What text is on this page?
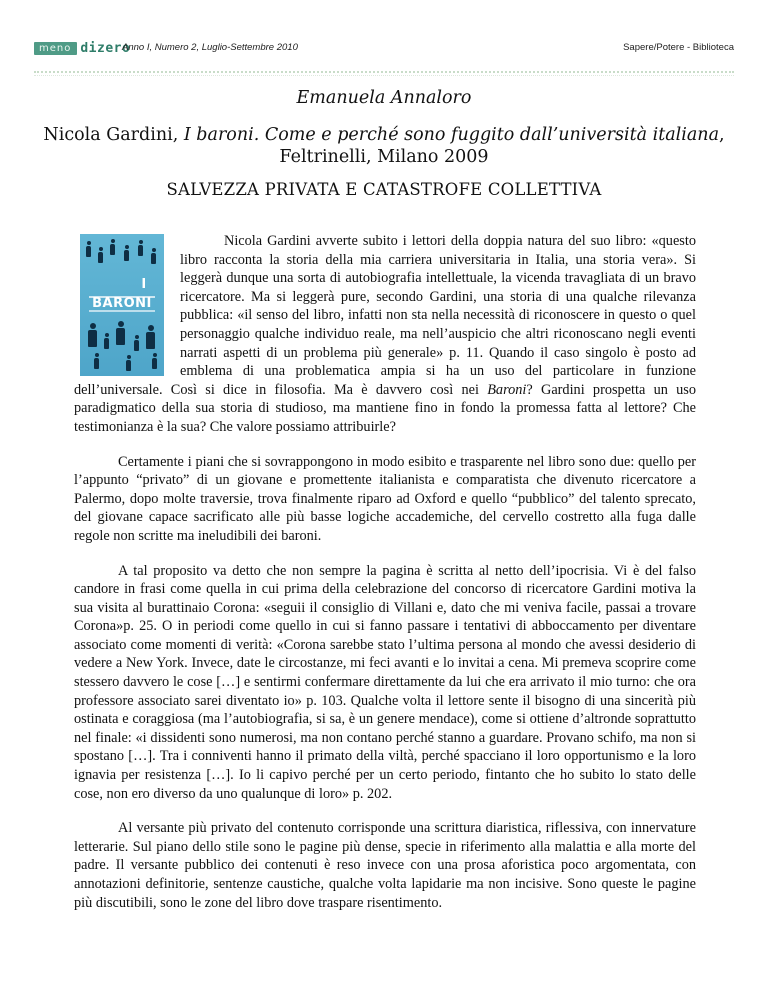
meno dizero
Anno I, Numero 2, Luglio-Settembre 2010	Sapere/Potere - Biblioteca
Emanuela Annaloro
Nicola Gardini, I baroni. Come e perché sono fuggito dall’università italiana,
Feltrinelli, Milano 2009
SALVEZZA PRIVATA E CATASTROFE COLLETTIVA

I BARONI
Nicola Gardini avverte subito i lettori della doppia natura del suo libro: «questo libro racconta la storia della mia carriera universitaria in Italia, una storia vera». Si leggerà dunque una sorta di autobiografia intellettuale, la vicenda travagliata di un bravo ricercatore. Ma si leggerà pure, secondo Gardini, una storia di una qualche rilevanza pubblica: «il senso del libro, infatti non sta nella necessità di riconoscere in questo o quel personaggio qualche individuo reale, ma nell’auspicio che altri riconoscano negli eventi narrati aspetti di un problema più generale» p. 11. Quando il caso singolo è posto ad emblema di una problematica ampia si ha un uso del particolare in funzione dell’universale. Così si dice in filosofia. Ma è davvero così nei Baroni? Gardini prospetta un uso paradigmatico della sua storia di studioso, ma mantiene fino in fondo la promessa fatta al lettore? Che testimonianza è la sua? Che valore possiamo attribuirle?

Certamente i piani che si sovrappongono in modo esibito e trasparente nel libro sono due: quello per l’appunto “privato” di un giovane e promettente italianista e comparatista che divenuto ricercatore a Palermo, dopo molte traversie, trova finalmente riparo ad Oxford e quello “pubblico” del talento sprecato, del giovane capace sacrificato alle più basse logiche accademiche, del cervello costretto alla fuga dalle regole non scritte ma ineludibili dei baroni.

A tal proposito va detto che non sempre la pagina è scritta al netto dell’ipocrisia. Vi è del falso candore in frasi come quella in cui prima della celebrazione del concorso di ricercatore Gardini motiva la sua visita al burattinaio Corona: «seguii il consiglio di Villani e, dato che mi veniva facile, passai a trovare Corona»p. 25. O in periodi come quello in cui si fanno passare i tentativi di abboccamento per diventare associato come momenti di verità: «Corona sarebbe stato l’ultima persona al mondo che avessi desiderio di vedere a New York. Invece, date le circostanze, mi feci avanti e lo invitai a cena. Mi premeva scoprire come stessero davvero le cose […] e sentirmi confermare direttamente da lui che era arrivato il mio turno: che ora professore associato sarei diventato io» p. 103. Qualche volta il lettore sente il bisogno di una sincerità più ostinata e coraggiosa (ma l’autobiografia, si sa, è un genere mendace), come si ottiene d’altronde soprattutto nel finale: «i dissidenti sono numerosi, ma non contano perché stanno a guardare. Provano schifo, ma non si spostano […]. Tra i conniventi hanno il primato della viltà, perché spacciano il loro opportunismo e la loro ignavia per resistenza […]. Io li capivo perché per un certo periodo, fintanto che ho subito lo stato delle cose, non ero diverso da uno qualunque di loro» p. 202.

Al versante più privato del contenuto corrisponde una scrittura diaristica, riflessiva, con innervature letterarie. Sul piano dello stile sono le pagine più dense, specie in riferimento alla malattia e alla morte del padre. Il versante pubblico dei contenuti è reso invece con una prosa aforistica poco argomentata, con annotazioni definitorie, sentenze caustiche, qualche volta lapidarie ma non incisive. Sono queste le pagine più discutibili, sono le zone del libro dove traspare risentimento.
